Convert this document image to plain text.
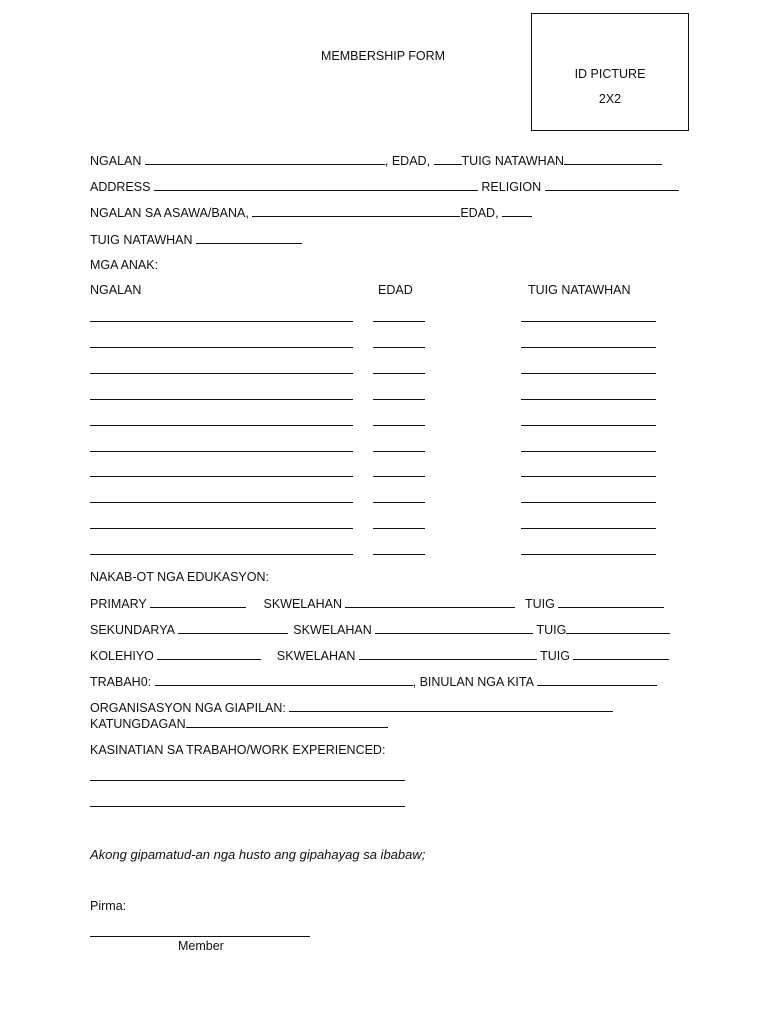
MEMBERSHIP FORM
ID PICTURE
2X2
NGALAN	, EDAD,	TUIG NATAWHAN
ADDRESS	RELIGION
NGALAN SA ASAWA/BANA,	EDAD,
TUIG NATAWHAN
MGA ANAK:
NGALAN	EDAD	TUIG NATAWHAN
NAKAB-OT NGA EDUKASYON:
PRIMARY	SKWELAHAN	TUIG
SEKUNDARYA	SKWELAHAN	TUIG
KOLEHIYO	SKWELAHAN	TUIG
TRABAH0:	, BINULAN NGA KITA
ORGANISASYON NGA GIAPILAN:
KATUNGDAGAN
KASINATIAN SA TRABAHO/WORK EXPERIENCED:
Akong gipamatud-an nga husto ang gipahayag sa ibabaw;
Pirma:
Member
